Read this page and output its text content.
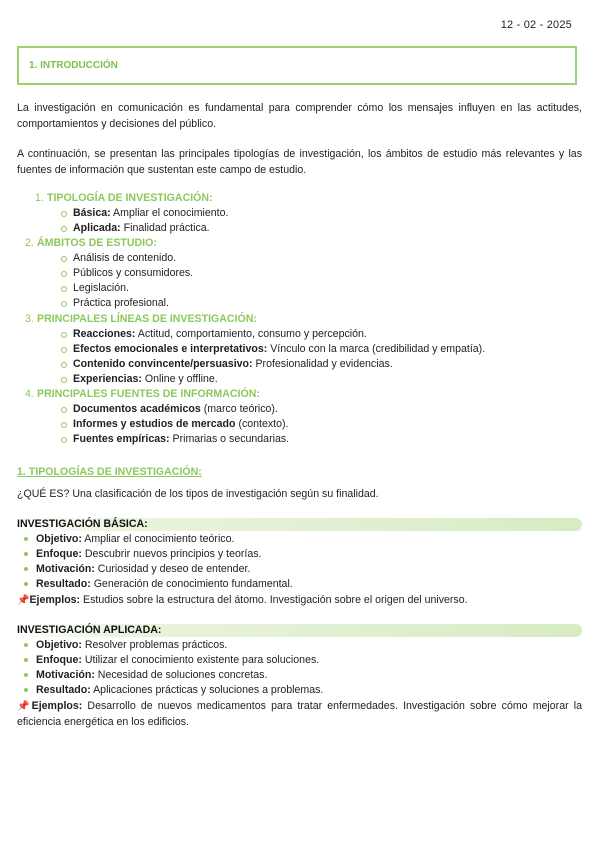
12 - 02 - 2025
1. INTRODUCCIÓN
La investigación en comunicación es fundamental para comprender cómo los mensajes influyen en las actitudes, comportamientos y decisiones del público.
A continuación, se presentan las principales tipologías de investigación, los ámbitos de estudio más relevantes y las fuentes de información que sustentan este campo de estudio.
1. TIPOLOGÍA DE INVESTIGACIÓN:
Básica: Ampliar el conocimiento.
Aplicada: Finalidad práctica.
2. ÁMBITOS DE ESTUDIO:
Análisis de contenido.
Públicos y consumidores.
Legislación.
Práctica profesional.
3. PRINCIPALES LÍNEAS DE INVESTIGACIÓN:
Reacciones: Actitud, comportamiento, consumo y percepción.
Efectos emocionales e interpretativos: Vínculo con la marca (credibilidad y empatía).
Contenido convincente/persuasivo: Profesionalidad y evidencias.
Experiencias: Online y offline.
4. PRINCIPALES FUENTES DE INFORMACIÓN:
Documentos académicos (marco teórico).
Informes y estudios de mercado (contexto).
Fuentes empíricas: Primarias o secundarias.
1. TIPOLOGÍAS DE INVESTIGACIÓN:
¿QUÉ ES? Una clasificación de los tipos de investigación según su finalidad.
INVESTIGACIÓN BÁSICA:
Objetivo: Ampliar el conocimiento teórico.
Enfoque: Descubrir nuevos principios y teorías.
Motivación: Curiosidad y deseo de entender.
Resultado: Generación de conocimiento fundamental.
📌Ejemplos: Estudios sobre la estructura del átomo. Investigación sobre el origen del universo.
INVESTIGACIÓN APLICADA:
Objetivo: Resolver problemas prácticos.
Enfoque: Utilizar el conocimiento existente para soluciones.
Motivación: Necesidad de soluciones concretas.
Resultado: Aplicaciones prácticas y soluciones a problemas.
📌Ejemplos: Desarrollo de nuevos medicamentos para tratar enfermedades. Investigación sobre cómo mejorar la eficiencia energética en los edificios.
